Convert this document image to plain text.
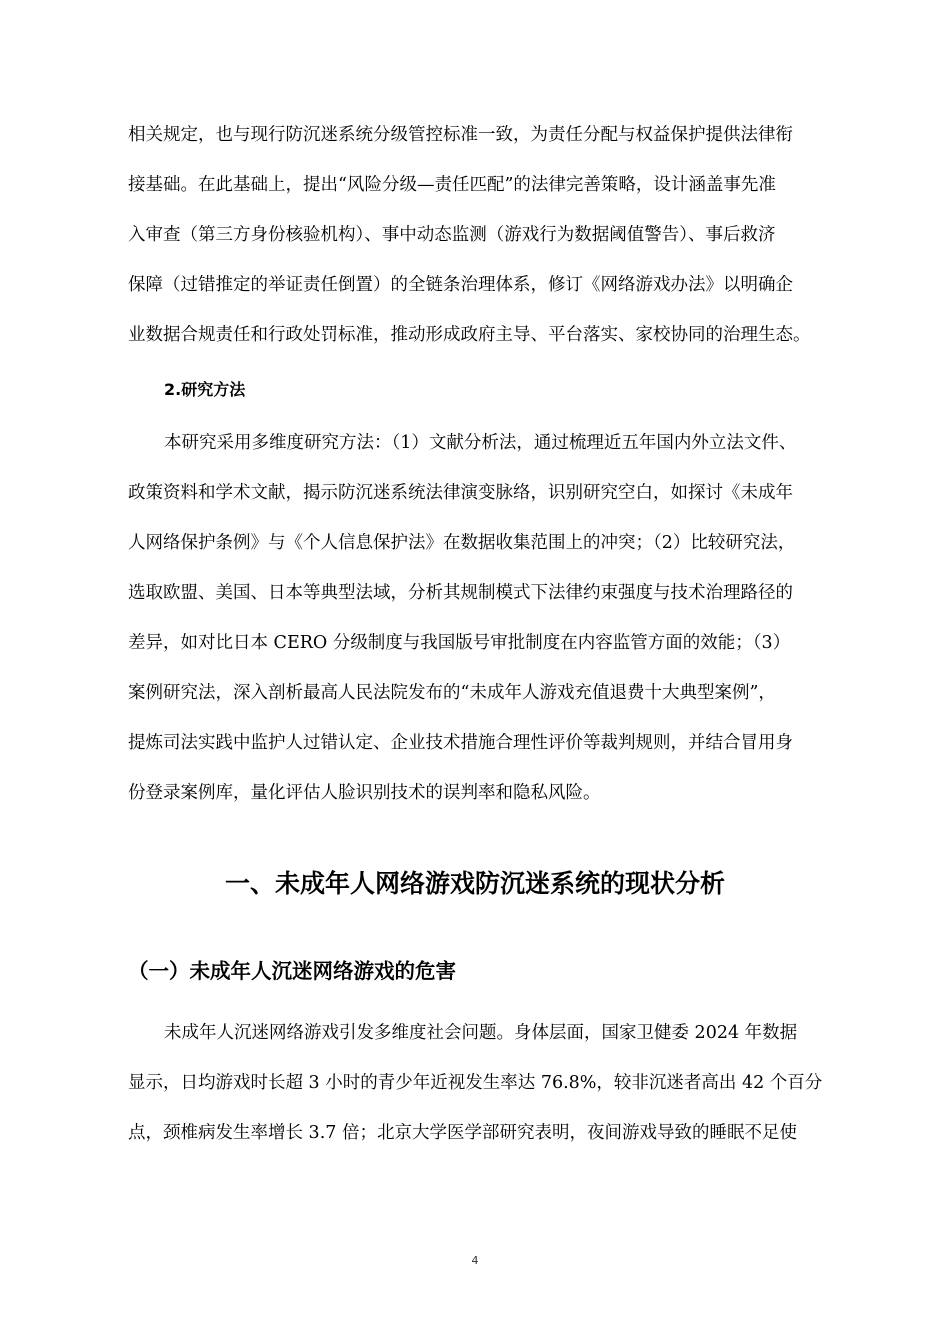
相关规定，也与现行防沉迷系统分级管控标准一致，为责任分配与权益保护提供法律衔
接基础。在此基础上，提出“风险分级—责任匹配”的法律完善策略，设计涵盖事先准
入审查（第三方身份核验机构）、事中动态监测（游戏行为数据阈值警告）、事后救济
保障（过错推定的举证责任倒置）的全链条治理体系，修订《网络游戏办法》以明确企
业数据合规责任和行政处罚标准，推动形成政府主导、平台落实、家校协同的治理生态。
2.研究方法
本研究采用多维度研究方法：（1）文献分析法，通过梳理近五年国内外立法文件、
政策资料和学术文献，揭示防沉迷系统法律演变脉络，识别研究空白，如探讨《未成年
人网络保护条例》与《个人信息保护法》在数据收集范围上的冲突；（2）比较研究法，
选取欧盟、美国、日本等典型法域，分析其规制模式下法律约束强度与技术治理路径的
差异，如对比日本 CERO 分级制度与我国版号审批制度在内容监管方面的效能；（3）
案例研究法，深入剖析最高人民法院发布的“未成年人游戏充值退费十大典型案例”，
提炼司法实践中监护人过错认定、企业技术措施合理性评价等裁判规则，并结合冒用身
份登录案例库，量化评估人脸识别技术的误判率和隐私风险。
一、未成年人网络游戏防沉迷系统的现状分析
（一）未成年人沉迷网络游戏的危害
未成年人沉迷网络游戏引发多维度社会问题。身体层面，国家卫健委 2024 年数据
显示，日均游戏时长超 3 小时的青少年近视发生率达 76.8%，较非沉迷者高出 42 个百分
点，颈椎病发生率增长 3.7 倍；北京大学医学部研究表明，夜间游戏导致的睡眠不足使
4
